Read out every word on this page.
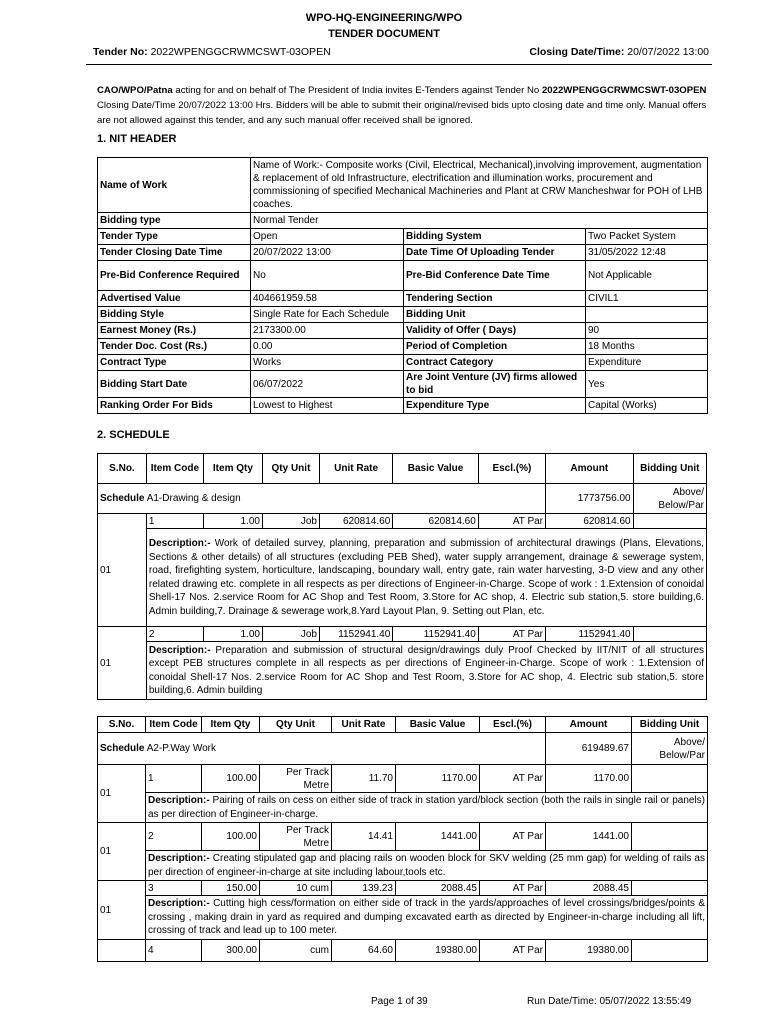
WPO-HQ-ENGINEERING/WPO
TENDER DOCUMENT
Tender No: 2022WPENGGCRWMCSWT-03OPEN	Closing Date/Time: 20/07/2022 13:00
CAO/WPO/Patna acting for and on behalf of The President of India invites E-Tenders against Tender No 2022WPENGGCRWMCSWT-03OPEN Closing Date/Time 20/07/2022 13:00 Hrs. Bidders will be able to submit their original/revised bids upto closing date and time only. Manual offers are not allowed against this tender, and any such manual offer received shall be ignored.
1. NIT HEADER
Name of Work	Name of Work:- Composite works (Civil, Electrical, Mechanical),involving improvement, augmentation & replacement of old Infrastructure, electrification and illumination works, procurement and commissioning of specified Mechanical Machineries and Plant at CRW Mancheshwar for POH of LHB coaches.		
Bidding type	Normal Tender		
Tender Type	Open	Bidding System	Two Packet System
Tender Closing Date Time	20/07/2022 13:00	Date Time Of Uploading Tender	31/05/2022 12:48
Pre-Bid Conference Required	No	Pre-Bid Conference Date Time	Not Applicable
Advertised Value	404661959.58	Tendering Section	CIVIL1
Bidding Style	Single Rate for Each Schedule	Bidding Unit	
Earnest Money (Rs.)	2173300.00	Validity of Offer ( Days)	90
Tender Doc. Cost (Rs.)	0.00	Period of Completion	18 Months
Contract Type	Works	Contract Category	Expenditure
Bidding Start Date	06/07/2022	Are Joint Venture (JV) firms allowed to bid	Yes
Ranking Order For Bids	Lowest to Highest	Expenditure Type	Capital (Works)
2. SCHEDULE
S.No.	Item Code	Item Qty	Qty Unit	Unit Rate	Basic Value	Escl.(%)	Amount	Bidding Unit
Schedule A1-Drawing & design							1773756.00	Above/ Below/Par
01	1	1.00	Job	620814.60	620814.60	AT Par	620814.60	
	Description:- Work of detailed survey, planning, preparation and submission of architectural drawings (Plans, Elevations, Sections & other details) of all structures (excluding PEB Shed), water supply arrangement, drainage & sewerage system, road, firefighting system, horticulture, landscaping, boundary wall, entry gate, rain water harvesting, 3-D view and any other related drawing etc. complete in all respects as per directions of Engineer-in-Charge. Scope of work : 1.Extension of conoidal Shell-17 Nos. 2.service Room for AC Shop and Test Room, 3.Store for AC shop, 4. Electric sub station,5. store building,6. Admin building,7. Drainage & sewerage work,8.Yard Layout Plan, 9. Setting out Plan, etc.							
01	2	1.00	Job	1152941.40	1152941.40	AT Par	1152941.40	
	Description:- Preparation and submission of structural design/drawings duly Proof Checked by IIT/NIT of all structures except PEB structures complete in all respects as per directions of Engineer-in-Charge. Scope of work : 1.Extension of conoidal Shell-17 Nos. 2.service Room for AC Shop and Test Room, 3.Store for AC shop, 4. Electric sub station,5. store building,6. Admin building							
S.No.	Item Code	Item Qty	Qty Unit	Unit Rate	Basic Value	Escl.(%)	Amount	Bidding Unit
Schedule A2-P.Way Work							619489.67	Above/ Below/Par
01	1	100.00	Per Track Metre	11.70	1170.00	AT Par	1170.00	
	Description:- Pairing of rails on cess on either side of track in station yard/block section (both the rails in single rail or panels) as per direction of Engineer-in-charge.							
01	2	100.00	Per Track Metre	14.41	1441.00	AT Par	1441.00	
	Description:- Creating stipulated gap and placing rails on wooden block for SKV welding (25 mm gap) for welding of rails as per direction of engineer-in-charge at site including labour,tools etc.							
01	3	150.00	10 cum	139.23	2088.45	AT Par	2088.45	
	Description:- Cutting high cess/formation on either side of track in the yards/approaches of level crossings/bridges/points & crossing , making drain in yard as required and dumping excavated earth as directed by Engineer-in-charge including all lift, crossing of track and lead up to 100 meter.							
	4	300.00	cum	64.60	19380.00	AT Par	19380.00	
Page 1 of 39	Run Date/Time: 05/07/2022 13:55:49
